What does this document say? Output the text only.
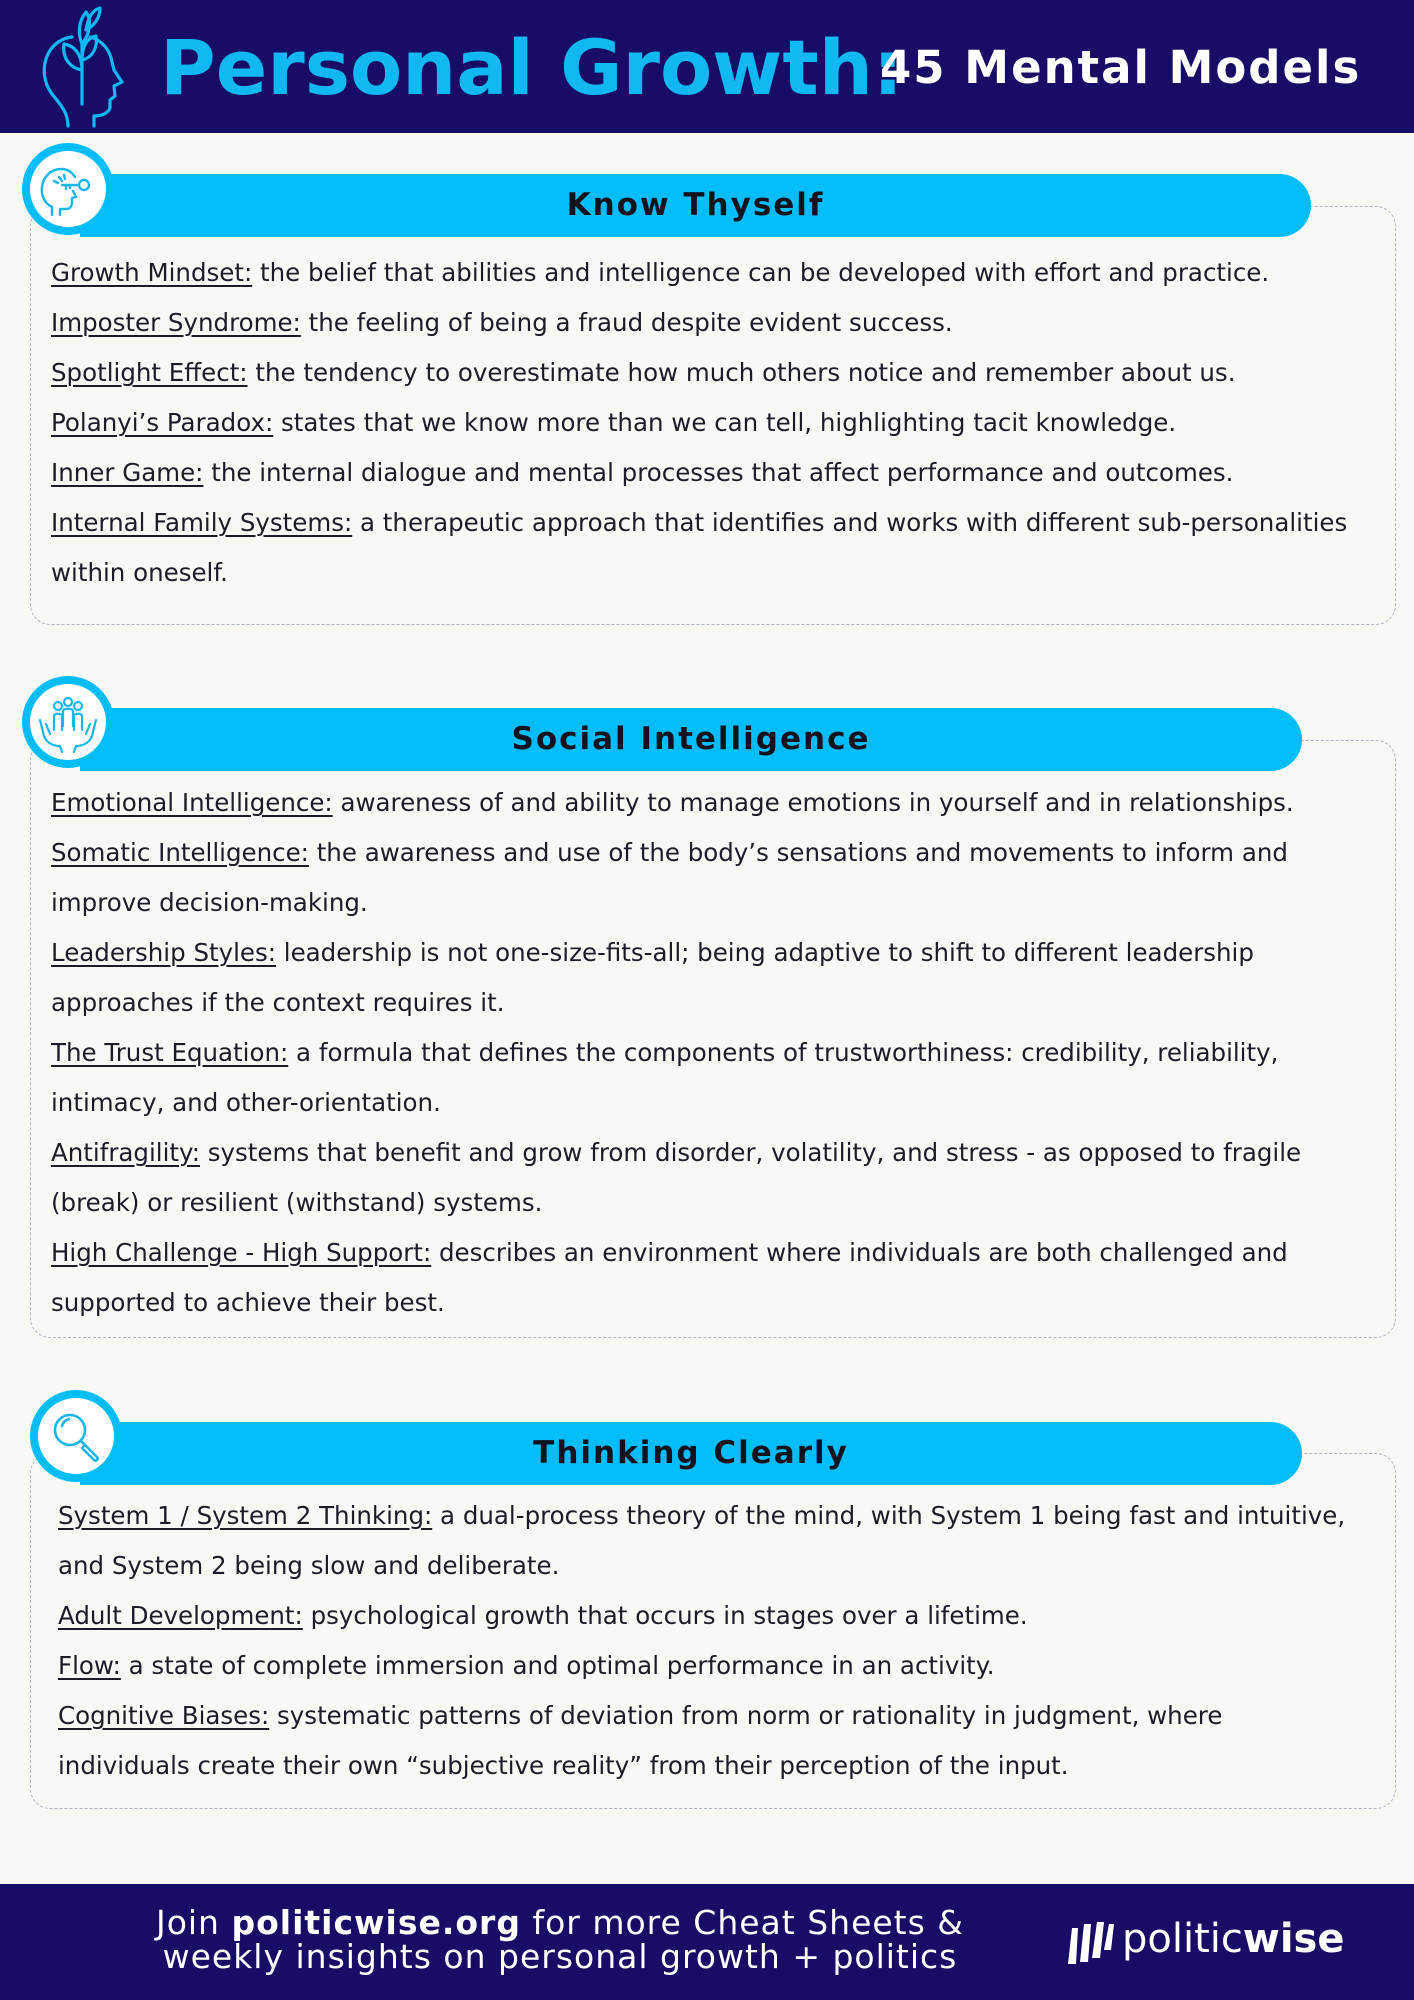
Personal Growth:
45 Mental Models
Know Thyself

Growth Mindset: the belief that abilities and intelligence can be developed with effort and practice.

Imposter Syndrome: the feeling of being a fraud despite evident success.

Spotlight Effect: the tendency to overestimate how much others notice and remember about us.

Polanyi’s Paradox: states that we know more than we can tell, highlighting tacit knowledge.

Inner Game: the internal dialogue and mental processes that affect performance and outcomes.

Internal Family Systems: a therapeutic approach that identifies and works with different sub-personalities within oneself.

Social Intelligence

Emotional Intelligence: awareness of and ability to manage emotions in yourself and in relationships.

Somatic Intelligence: the awareness and use of the body’s sensations and movements to inform and improve decision-making.

Leadership Styles: leadership is not one-size-fits-all; being adaptive to shift to different leadership approaches if the context requires it.

The Trust Equation: a formula that defines the components of trustworthiness: credibility, reliability, intimacy, and other-orientation.

Antifragility: systems that benefit and grow from disorder, volatility, and stress - as opposed to fragile (break) or resilient (withstand) systems.

High Challenge - High Support: describes an environment where individuals are both challenged and supported to achieve their best.

Thinking Clearly

System 1 / System 2 Thinking: a dual-process theory of the mind, with System 1 being fast and intuitive, and System 2 being slow and deliberate.

Adult Development: psychological growth that occurs in stages over a lifetime.

Flow: a state of complete immersion and optimal performance in an activity.

Cognitive Biases: systematic patterns of deviation from norm or rationality in judgment, where individuals create their own “subjective reality” from their perception of the input.

Join politicwise.org for more Cheat Sheets &
weekly insights on personal growth + politics	politicwise
